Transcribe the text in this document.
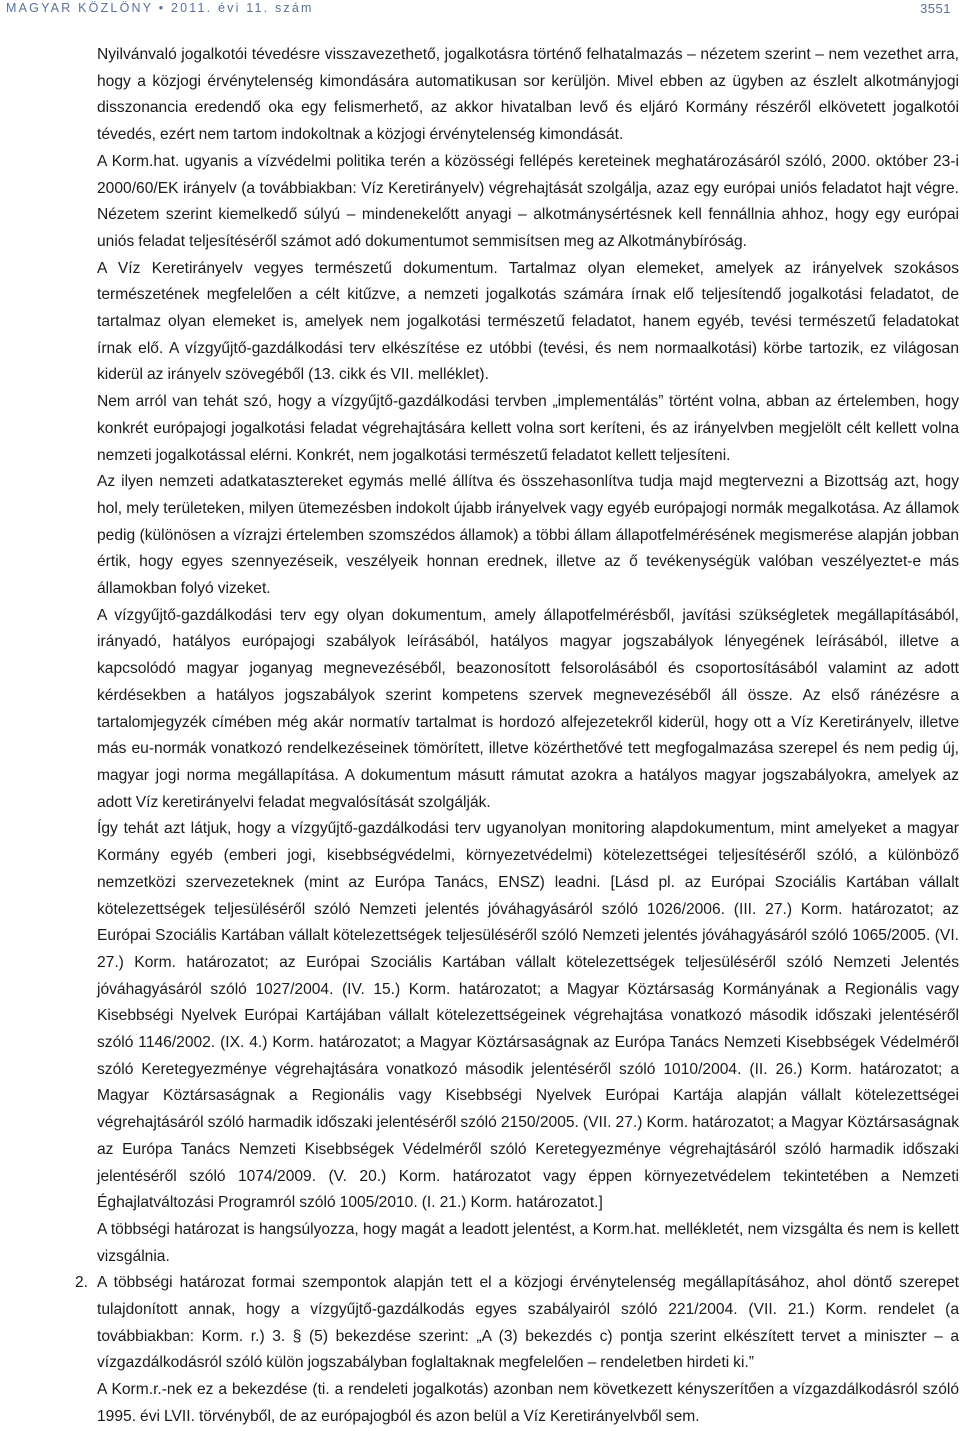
MAGYAR KÖZLÖNY • 2011. évi 11. szám	3551

Nyilvánvaló jogalkotói tévedésre visszavezethető, jogalkotásra történő felhatalmazás – nézetem szerint – nem vezethet arra, hogy a közjogi érvénytelenség kimondására automatikusan sor kerüljön. Mivel ebben az ügyben az észlelt alkotmányjogi disszonancia eredendő oka egy felismerhető, az akkor hivatalban levő és eljáró Kormány részéről elkövetett jogalkotói tévedés, ezért nem tartom indokoltnak a közjogi érvénytelenség kimondását.

A Korm.hat. ugyanis a vízvédelmi politika terén a közösségi fellépés kereteinek meghatározásáról szóló, 2000. október 23-i 2000/60/EK irányelv (a továbbiakban: Víz Keretirányelv) végrehajtását szolgálja, azaz egy európai uniós feladatot hajt végre. Nézetem szerint kiemelkedő súlyú – mindenekelőtt anyagi – alkotmánysértésnek kell fennállnia ahhoz, hogy egy európai uniós feladat teljesítéséről számot adó dokumentumot semmisítsen meg az Alkotmánybíróság.

A Víz Keretirányelv vegyes természetű dokumentum. Tartalmaz olyan elemeket, amelyek az irányelvek szokásos természetének megfelelően a célt kitűzve, a nemzeti jogalkotás számára írnak elő teljesítendő jogalkotási feladatot, de tartalmaz olyan elemeket is, amelyek nem jogalkotási természetű feladatot, hanem egyéb, tevési természetű feladatokat írnak elő. A vízgyűjtő-gazdálkodási terv elkészítése ez utóbbi (tevési, és nem normaalkotási) körbe tartozik, ez világosan kiderül az irányelv szövegéből (13. cikk és VII. melléklet).

Nem arról van tehát szó, hogy a vízgyűjtő-gazdálkodási tervben „implementálás” történt volna, abban az értelemben, hogy konkrét európajogi jogalkotási feladat végrehajtására kellett volna sort keríteni, és az irányelvben megjelölt célt kellett volna nemzeti jogalkotással elérni. Konkrét, nem jogalkotási természetű feladatot kellett teljesíteni.

Az ilyen nemzeti adatkatasztereket egymás mellé állítva és összehasonlítva tudja majd megtervezni a Bizottság azt, hogy hol, mely területeken, milyen ütemezésben indokolt újabb irányelvek vagy egyéb európajogi normák megalkotása. Az államok pedig (különösen a vízrajzi értelemben szomszédos államok) a többi állam állapotfelmérésének megismerése alapján jobban értik, hogy egyes szennyezéseik, veszélyeik honnan erednek, illetve az ő tevékenységük valóban veszélyeztet-e más államokban folyó vizeket.

A vízgyűjtő-gazdálkodási terv egy olyan dokumentum, amely állapotfelmérésből, javítási szükségletek megállapításából, irányadó, hatályos európajogi szabályok leírásából, hatályos magyar jogszabályok lényegének leírásából, illetve a kapcsolódó magyar joganyag megnevezéséből, beazonosított felsorolásából és csoportosításából valamint az adott kérdésekben a hatályos jogszabályok szerint kompetens szervek megnevezéséből áll össze. Az első ránézésre a tartalomjegyzék címében még akár normatív tartalmat is hordozó alfejezetekről kiderül, hogy ott a Víz Keretirányelv, illetve más eu-normák vonatkozó rendelkezéseinek tömörített, illetve közérthetővé tett megfogalmazása szerepel és nem pedig új, magyar jogi norma megállapítása. A dokumentum másutt rámutat azokra a hatályos magyar jogszabályokra, amelyek az adott Víz keretirányelvi feladat megvalósítását szolgálják.

Így tehát azt látjuk, hogy a vízgyűjtő-gazdálkodási terv ugyanolyan monitoring alapdokumentum, mint amelyeket a magyar Kormány egyéb (emberi jogi, kisebbségvédelmi, környezetvédelmi) kötelezettségei teljesítéséről szóló, a különböző nemzetközi szervezeteknek (mint az Európa Tanács, ENSZ) leadni. [Lásd pl. az Európai Szociális Kartában vállalt kötelezettségek teljesüléséről szóló Nemzeti jelentés jóváhagyásáról szóló 1026/2006. (III. 27.) Korm. határozatot; az Európai Szociális Kartában vállalt kötelezettségek teljesüléséről szóló Nemzeti jelentés jóváhagyásáról szóló 1065/2005. (VI. 27.) Korm. határozatot; az Európai Szociális Kartában vállalt kötelezettségek teljesüléséről szóló Nemzeti Jelentés jóváhagyásáról szóló 1027/2004. (IV. 15.) Korm. határozatot; a Magyar Köztársaság Kormányának a Regionális vagy Kisebbségi Nyelvek Európai Kartájában vállalt kötelezettségeinek végrehajtása vonatkozó második időszaki jelentéséről szóló 1146/2002. (IX. 4.) Korm. határozatot; a Magyar Köztársaságnak az Európa Tanács Nemzeti Kisebbségek Védelméről szóló Keretegyezménye végrehajtására vonatkozó második jelentéséről szóló 1010/2004. (II. 26.) Korm. határozatot; a Magyar Köztársaságnak a Regionális vagy Kisebbségi Nyelvek Európai Kartája alapján vállalt kötelezettségei végrehajtásáról szóló harmadik időszaki jelentéséről szóló 2150/2005. (VII. 27.) Korm. határozatot; a Magyar Köztársaságnak az Európa Tanács Nemzeti Kisebbségek Védelméről szóló Keretegyezménye végrehajtásáról szóló harmadik időszaki jelentéséről szóló 1074/2009. (V. 20.) Korm. határozatot vagy éppen környezetvédelem tekintetében a Nemzeti Éghajlatváltozási Programról szóló 1005/2010. (I. 21.) Korm. határozatot.]

A többségi határozat is hangsúlyozza, hogy magát a leadott jelentést, a Korm.hat. mellékletét, nem vizsgálta és nem is kellett vizsgálnia.

2. A többségi határozat formai szempontok alapján tett el a közjogi érvénytelenség megállapításához, ahol döntő szerepet tulajdonított annak, hogy a vízgyűjtő-gazdálkodás egyes szabályairól szóló 221/2004. (VII. 21.) Korm. rendelet (a továbbiakban: Korm. r.) 3. § (5) bekezdése szerint: „A (3) bekezdés c) pontja szerint elkészített tervet a miniszter – a vízgazdálkodásról szóló külön jogszabályban foglaltaknak megfelelően – rendeletben hirdeti ki.”

A Korm.r.-nek ez a bekezdése (ti. a rendeleti jogalkotás) azonban nem következett kényszerítően a vízgazdálkodásról szóló 1995. évi LVII. törvényből, de az európajogból és azon belül a Víz Keretirányelvből sem.
